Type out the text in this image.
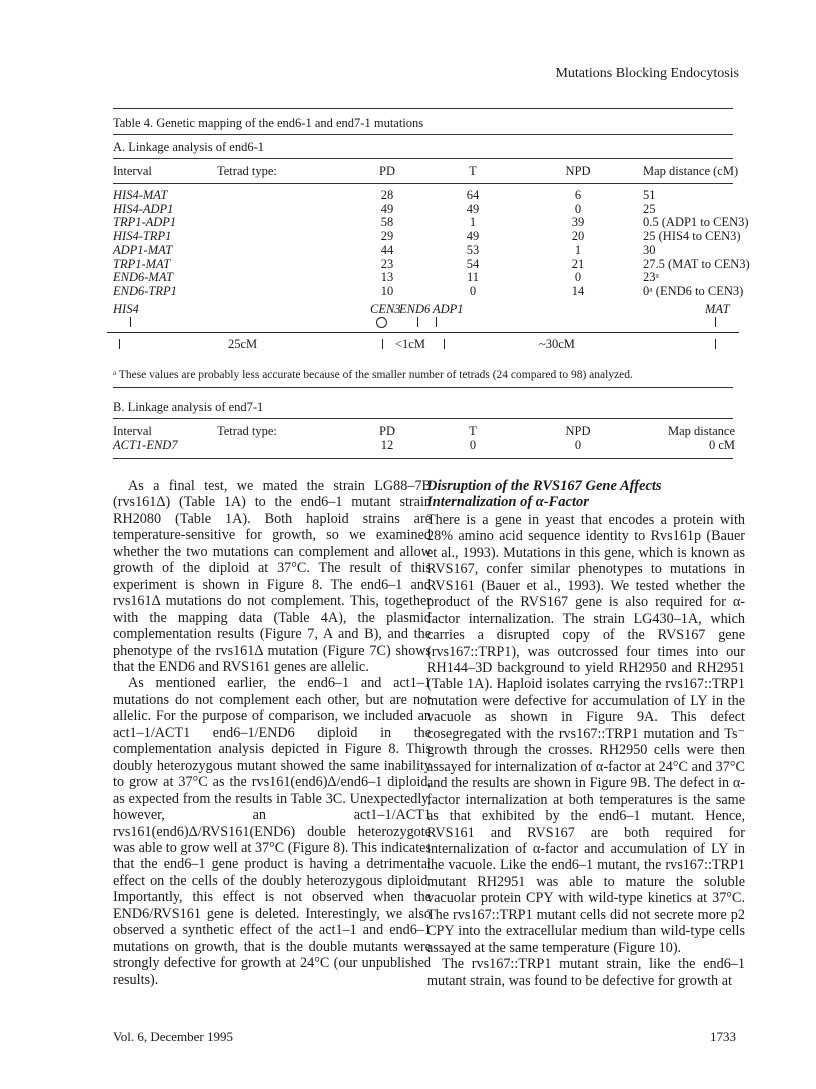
Mutations Blocking Endocytosis
Table 4. Genetic mapping of the end6-1 and end7-1 mutations
A. Linkage analysis of end6-1
Interval	Tetrad type:	PD	T	NPD	Map distance (cM)
HIS4-MAT	28	64	6	51
HIS4-ADP1	49	49	0	25
TRP1-ADP1	58	1	39	0.5 (ADP1 to CEN3)
HIS4-TRP1	29	49	20	25 (HIS4 to CEN3)
ADP1-MAT	44	53	1	30
TRP1-MAT	23	54	21	27.5 (MAT to CEN3)
END6-MAT	13	11	0	23ᵃ
END6-TRP1	10	0	14	0ᵃ (END6 to CEN3)
HIS4	CEN3
END6 ADP1	MAT
25cM	<1cM	~30cM
ᵃ These values are probably less accurate because of the smaller number of tetrads (24 compared to 98) analyzed.
B. Linkage analysis of end7-1
Interval	Tetrad type:	PD	T	NPD	Map distance
ACT1-END7	12	0	0	0 cM

As a final test, we mated the strain LG88–7B (rvs161Δ) (Table 1A) to the end6–1 mutant strain RH2080 (Table 1A). Both haploid strains are temperature-sensitive for growth, so we examined whether the two mutations can complement and allow growth of the diploid at 37°C. The result of this experiment is shown in Figure 8. The end6–1 and rvs161Δ mutations do not complement. This, together with the mapping data (Table 4A), the plasmid complementation results (Figure 7, A and B), and the phenotype of the rvs161Δ mutation (Figure 7C) shows that the END6 and RVS161 genes are allelic.

As mentioned earlier, the end6–1 and act1–1 mutations do not complement each other, but are not allelic. For the purpose of comparison, we included an act1–1/ACT1 end6–1/END6 diploid in the complementation analysis depicted in Figure 8. This doubly heterozygous mutant showed the same inability to grow at 37°C as the rvs161(end6)Δ/end6–1 diploid, as expected from the results in Table 3C. Unexpectedly, however, an act1–1/ACT1 rvs161(end6)Δ/RVS161(END6) double heterozygote was able to grow well at 37°C (Figure 8). This indicates that the end6–1 gene product is having a detrimental effect on the cells of the doubly heterozygous diploid. Importantly, this effect is not observed when the END6/RVS161 gene is deleted. Interestingly, we also observed a synthetic effect of the act1–1 and end6–1 mutations on growth, that is the double mutants were strongly defective for growth at 24°C (our unpublished results).

Disruption of the RVS167 Gene Affects
Internalization of α-Factor

There is a gene in yeast that encodes a protein with 28% amino acid sequence identity to Rvs161p (Bauer et al., 1993). Mutations in this gene, which is known as RVS167, confer similar phenotypes to mutations in RVS161 (Bauer et al., 1993). We tested whether the product of the RVS167 gene is also required for α-factor internalization. The strain LG430–1A, which carries a disrupted copy of the RVS167 gene (rvs167::TRP1), was outcrossed four times into our RH144–3D background to yield RH2950 and RH2951 (Table 1A). Haploid isolates carrying the rvs167::TRP1 mutation were defective for accumulation of LY in the vacuole as shown in Figure 9A. This defect cosegregated with the rvs167::TRP1 mutation and Ts⁻ growth through the crosses. RH2950 cells were then assayed for internalization of α-factor at 24°C and 37°C and the results are shown in Figure 9B. The defect in α-factor internalization at both temperatures is the same as that exhibited by the end6–1 mutant. Hence, RVS161 and RVS167 are both required for internalization of α-factor and accumulation of LY in the vacuole. Like the end6–1 mutant, the rvs167::TRP1 mutant RH2951 was able to mature the soluble vacuolar protein CPY with wild-type kinetics at 37°C. The rvs167::TRP1 mutant cells did not secrete more p2 CPY into the extracellular medium than wild-type cells assayed at the same temperature (Figure 10).

The rvs167::TRP1 mutant strain, like the end6–1 mutant strain, was found to be defective for growth at

Vol. 6, December 1995	1733
